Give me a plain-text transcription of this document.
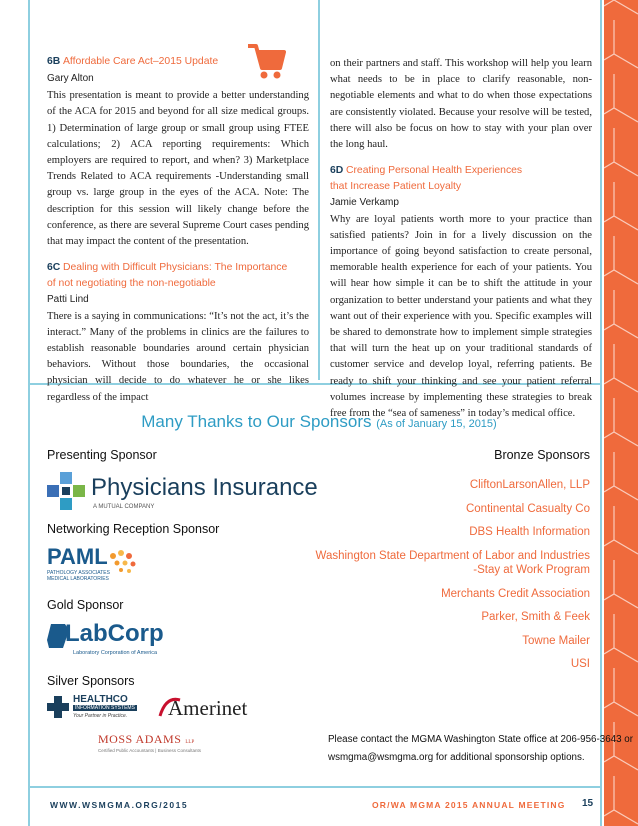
6B Affordable Care Act–2015 Update
Gary Alton

This presentation is meant to provide a better understanding of the ACA for 2015 and beyond for all size medical groups. 1) Determination of large group or small group using FTEE calculations; 2) ACA reporting requirements: Which employers are required to report, and when? 3) Marketplace Trends Related to ACA requirements -Understanding small group vs. large group in the eyes of the ACA. Note: The description for this session will likely change before the conference, as there are several Supreme Court cases pending that may impact the content of the presentation.

6C Dealing with Difficult Physicians: The Importance
of not negotiating the non-negotiable
Patti Lind

There is a saying in communications: “It’s not the act, it’s the interact.” Many of the problems in clinics are the failures to establish reasonable boundaries around certain physician behaviors. Without those boundaries, the occasional physician will decide to do whatever he or she likes regardless of the impact

on their partners and staff. This workshop will help you learn what needs to be in place to clarify reasonable, non-negotiable elements and what to do when those expectations are consistently violated. Because your resolve will be tested, there will also be focus on how to stay with your plan over the long haul.

6D Creating Personal Health Experiences
that Increase Patient Loyalty
Jamie Verkamp

Why are loyal patients worth more to your practice than satisfied patients? Join in for a lively discussion on the importance of going beyond satisfaction to create personal, memorable health experience for each of your patients. You will hear how simple it can be to shift the attitude in your organization to better understand your patients and what they want out of their experience with you. Specific examples will be shared to demonstrate how to implement simple strategies that will turn the heat up on your traditional standards of customer service and develop loyal, referring patients. Be ready to shift your thinking and see your patient referral volumes increase by implementing these strategies to break free from the “sea of sameness” in today’s medical office.

Many Thanks to Our Sponsors (As of January 15, 2015)
Presenting Sponsor	Bronze Sponsors
Physicians Insurance
A MUTUAL COMPANY
Networking Reception Sponsor
PAML
PATHOLOGY ASSOCIATES
MEDICAL LABORATORIES
Gold Sponsor
LabCorp
Laboratory Corporation of America
Silver Sponsors
HEALTHCO
INFORMATION SYSTEMS
Your Partner in Practice. Amerinet
MOSS ADAMS LLP
Certified Public Accountants | Business Consultants
CliftonLarsonAllen, LLP
Continental Casualty Co
DBS Health Information
Washington State Department of Labor and Industries
-Stay at Work Program
Merchants Credit Association
Parker, Smith & Feek
Towne Mailer
USI
Please contact the MGMA Washington State office at 206-956-3643 or
wsmgma@wsmgma.org for additional sponsorship options.
WWW.WSMGMA.ORG/2015	OR/WA MGMA 2015 ANNUAL MEETING 15
